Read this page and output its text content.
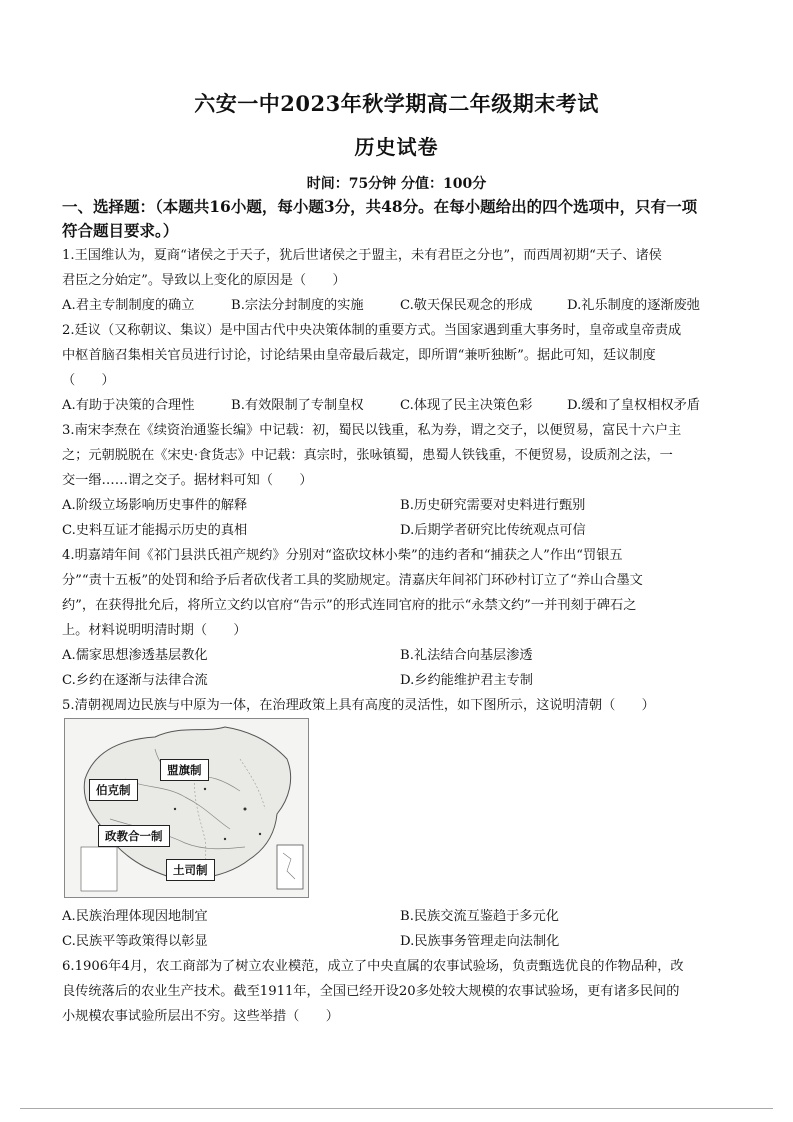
六安一中2023年秋学期高二年级期末考试
历史试卷
时间：75分钟 分值：100分
一、选择题：（本题共16小题，每小题3分，共48分。在每小题给出的四个选项中，只有一项
符合题目要求。）
1.王国维认为，夏商“诸侯之于天子，犹后世诸侯之于盟主，未有君臣之分也”，而西周初期“天子、诸侯
君臣之分始定”。导致以上变化的原因是（　　）
A.君主专制制度的确立	B.宗法分封制度的实施	C.敬天保民观念的形成	D.礼乐制度的逐渐废弛
2.廷议（又称朝议、集议）是中国古代中央决策体制的重要方式。当国家遇到重大事务时，皇帝或皇帝责成
中枢首脑召集相关官员进行讨论，讨论结果由皇帝最后裁定，即所谓“兼听独断”。据此可知，廷议制度
（　　）
A.有助于决策的合理性	B.有效限制了专制皇权	C.体现了民主决策色彩	D.缓和了皇权相权矛盾
3.南宋李焘在《续资治通鉴长编》中记载：初，蜀民以钱重，私为券，谓之交子，以便贸易，富民十六户主
之；元朝脱脱在《宋史·食货志》中记载：真宗时，张咏镇蜀，患蜀人铁钱重，不便贸易，设质剂之法，一
交一缗……谓之交子。据材料可知（　　）
A.阶级立场影响历史事件的解释	B.历史研究需要对史料进行甄别
C.史料互证才能揭示历史的真相	D.后期学者研究比传统观点可信
4.明嘉靖年间《祁门县洪氏祖产规约》分别对“盗砍坟林小柴”的违约者和“捕获之人”作出“罚银五
分”“责十五板”的处罚和给予后者砍伐者工具的奖励规定。清嘉庆年间祁门环砂村订立了“养山合墨文
约”，在获得批允后，将所立文约以官府“告示”的形式连同官府的批示“永禁文约”一并刊刻于碑石之
上。材料说明明清时期（　　）
A.儒家思想渗透基层教化	B.礼法结合向基层渗透
C.乡约在逐渐与法律合流	D.乡约能维护君主专制
5.清朝视周边民族与中原为一体，在治理政策上具有高度的灵活性，如下图所示，这说明清朝（　　）
伯克制
盟旗制
政教合一制
土司制
A.民族治理体现因地制宜	B.民族交流互鉴趋于多元化
C.民族平等政策得以彰显	D.民族事务管理走向法制化
6.1906年4月，农工商部为了树立农业模范，成立了中央直属的农事试验场，负责甄选优良的作物品种，改
良传统落后的农业生产技术。截至1911年，全国已经开设20多处较大规模的农事试验场，更有诸多民间的
小规模农事试验所层出不穷。这些举措（　　）
